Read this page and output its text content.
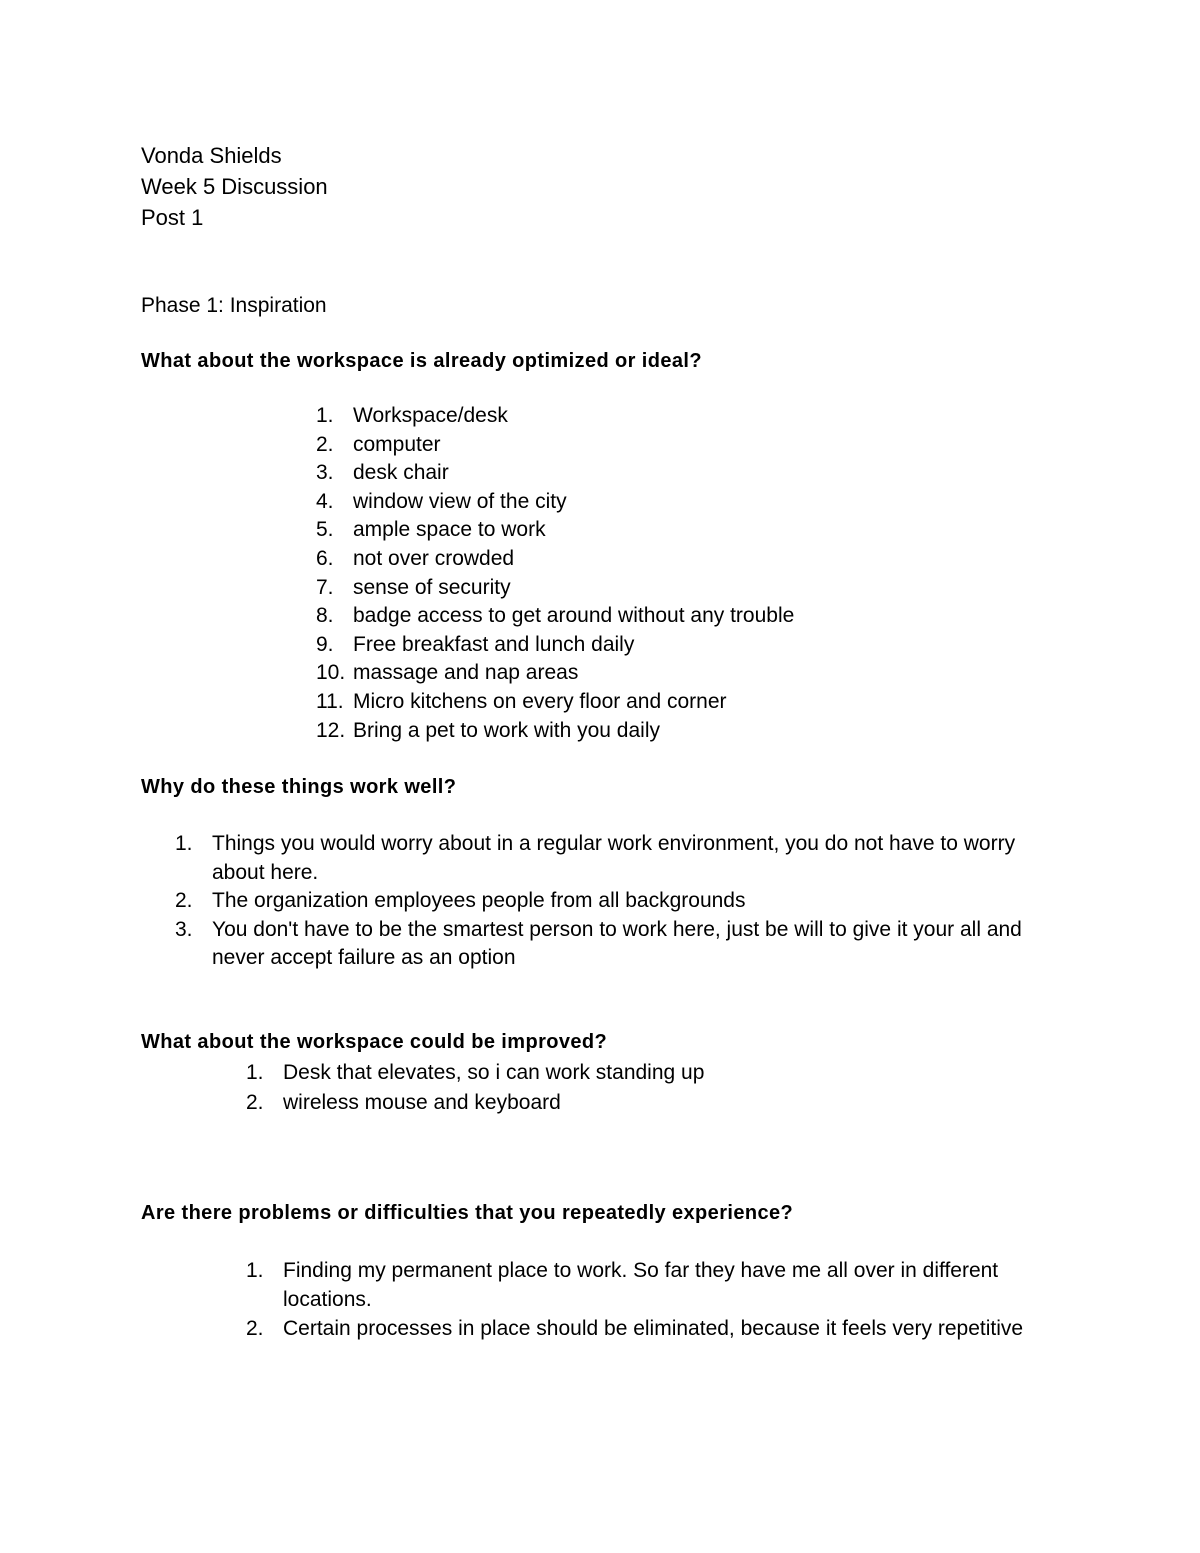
Vonda Shields
Week 5 Discussion
Post 1
Phase 1: Inspiration
What about the workspace is already optimized or ideal?
1. Workspace/desk
2. computer
3. desk chair
4. window view of the city
5. ample space to work
6. not over crowded
7. sense of security
8. badge access to get around without any trouble
9. Free breakfast and lunch daily
10. massage and nap areas
11. Micro kitchens on every floor and corner
12. Bring a pet to work with you daily
Why do these things work well?
1. Things you would worry about in a regular work environment, you do not have to worry about here.
2. The organization employees people from all backgrounds
3. You don't have to be the smartest person to work here, just be will to give it your all and never accept failure as an option
What about the workspace could be improved?
1. Desk that elevates, so i can work standing up
2. wireless mouse and keyboard
Are there problems or difficulties that you repeatedly experience?
1. Finding my permanent place to work. So far they have me all over in different locations.
2. Certain processes in place should be eliminated, because it feels very repetitive
